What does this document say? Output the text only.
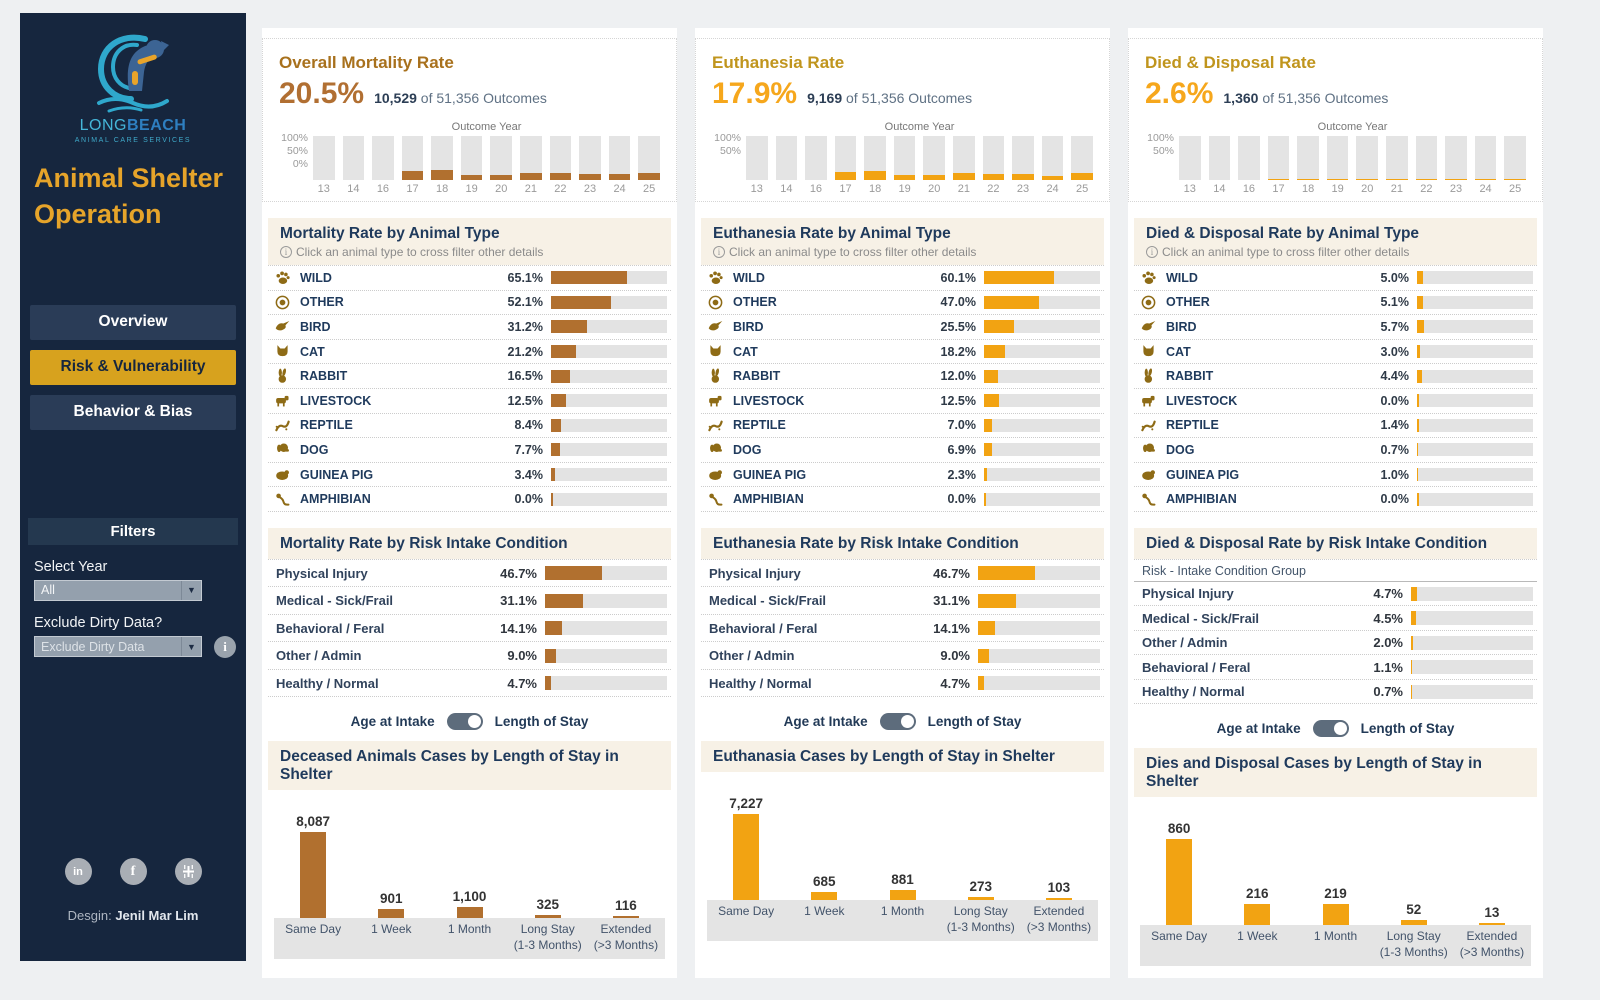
LONGBEACH
ANIMAL CARE SERVICES
Animal Shelter
Operation
Overview
Risk & Vulnerability
Behavior & Bias
Filters
Select Year
All	▼
Exclude Dirty Data?
Exclude Dirty Data	▼	i
in	f
Desgin: Jenil Mar Lim
Overall Mortality Rate
20.5% 10,529 of 51,356 Outcomes
Outcome Year
100%
50%
0%
13	14	16	17	18	19	20	21	22	23	24	25
Mortality Rate by Animal Type
i Click an animal type to cross filter other details
WILD	65.1%
OTHER	52.1%
BIRD	31.2%
CAT	21.2%
RABBIT	16.5%
LIVESTOCK	12.5%
REPTILE	8.4%
DOG	7.7%
GUINEA PIG	3.4%
AMPHIBIAN	0.0%
Mortality Rate by Risk Intake Condition
Physical Injury	46.7%
Medical - Sick/Frail	31.1%
Behavioral / Feral	14.1%
Other / Admin	9.0%
Healthy / Normal	4.7%
Age at Intake	Length of Stay
Deceased Animals Cases by Length of Stay in Shelter
8,087
901	1,100
325	116
Same Day	1 Week	1 Month	Long Stay
(1-3 Months)
Extended
(>3 Months)
Euthanesia Rate
17.9% 9,169 of 51,356 Outcomes
Outcome Year
100%
50%
13	14	16	17	18	19	20	21	22	23	24	25
Euthanesia Rate by Animal Type
i Click an animal type to cross filter other details
WILD	60.1%
OTHER	47.0%
BIRD	25.5%
CAT	18.2%
RABBIT	12.0%
LIVESTOCK	12.5%
REPTILE	7.0%
DOG	6.9%
GUINEA PIG	2.3%
AMPHIBIAN	0.0%
Euthanesia Rate by Risk Intake Condition
Physical Injury	46.7%
Medical - Sick/Frail	31.1%
Behavioral / Feral	14.1%
Other / Admin	9.0%
Healthy / Normal	4.7%
Age at Intake	Length of Stay
Euthanasia Cases by Length of Stay in Shelter
7,227
685	881	273	103
Same Day	1 Week	1 Month	Long Stay
(1-3 Months)
Extended
(>3 Months)
Died & Disposal Rate
2.6% 1,360 of 51,356 Outcomes
Outcome Year
100%
50%
13	14	16	17	18	19	20	21	22	23	24	25
Died & Disposal Rate by Animal Type
i Click an animal type to cross filter other details
WILD	5.0%
OTHER	5.1%
BIRD	5.7%
CAT	3.0%
RABBIT	4.4%
LIVESTOCK	0.0%
REPTILE	1.4%
DOG	0.7%
GUINEA PIG	1.0%
AMPHIBIAN	0.0%
Died & Disposal Rate by Risk Intake Condition
Risk - Intake Condition Group
Physical Injury	4.7%
Medical - Sick/Frail	4.5%
Other / Admin	2.0%
Behavioral / Feral	1.1%
Healthy / Normal	0.7%
Age at Intake	Length of Stay
Dies and Disposal Cases by Length of Stay in Shelter
860
216	219
52	13
Same Day	1 Week	1 Month	Long Stay
(1-3 Months)
Extended
(>3 Months)
